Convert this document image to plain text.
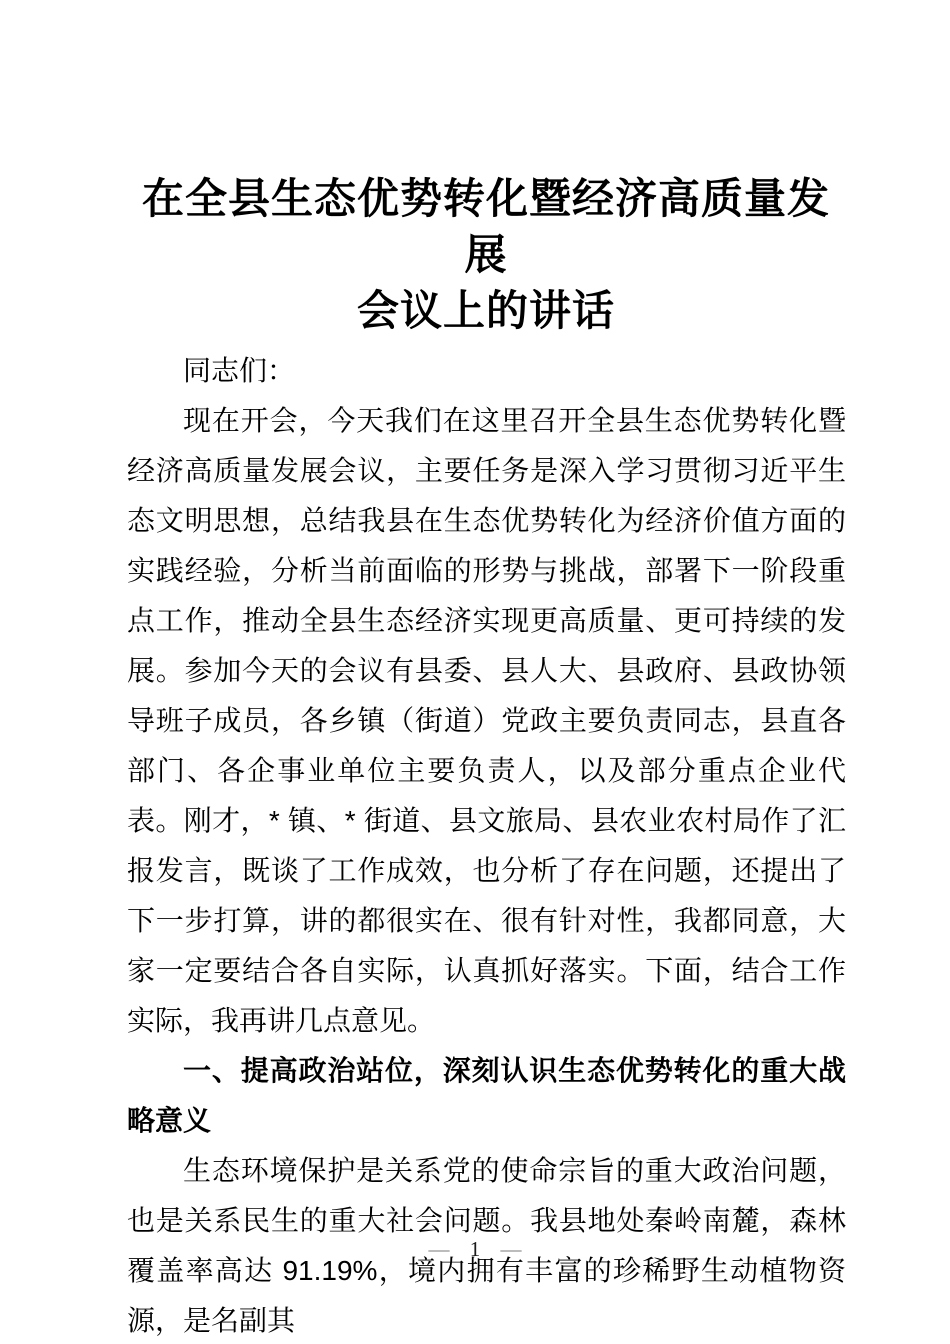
在全县生态优势转化暨经济高质量发展
会议上的讲话

同志们：

现在开会，今天我们在这里召开全县生态优势转化暨经济高质量发展会议，主要任务是深入学习贯彻习近平生态文明思想，总结我县在生态优势转化为经济价值方面的实践经验，分析当前面临的形势与挑战，部署下一阶段重点工作，推动全县生态经济实现更高质量、更可持续的发展。参加今天的会议有县委、县人大、县政府、县政协领导班子成员，各乡镇（街道）党政主要负责同志，县直各部门、各企事业单位主要负责人，以及部分重点企业代表。刚才，* 镇、* 街道、县文旅局、县农业农村局作了汇报发言，既谈了工作成效，也分析了存在问题，还提出了下一步打算，讲的都很实在、很有针对性，我都同意，大家一定要结合各自实际，认真抓好落实。下面，结合工作实际，我再讲几点意见。

一、提高政治站位，深刻认识生态优势转化的重大战略意义

生态环境保护是关系党的使命宗旨的重大政治问题，也是关系民生的重大社会问题。我县地处秦岭南麓，森林覆盖率高达 91.19%，境内拥有丰富的珍稀野生动植物资源，是名副其

— 1 —
